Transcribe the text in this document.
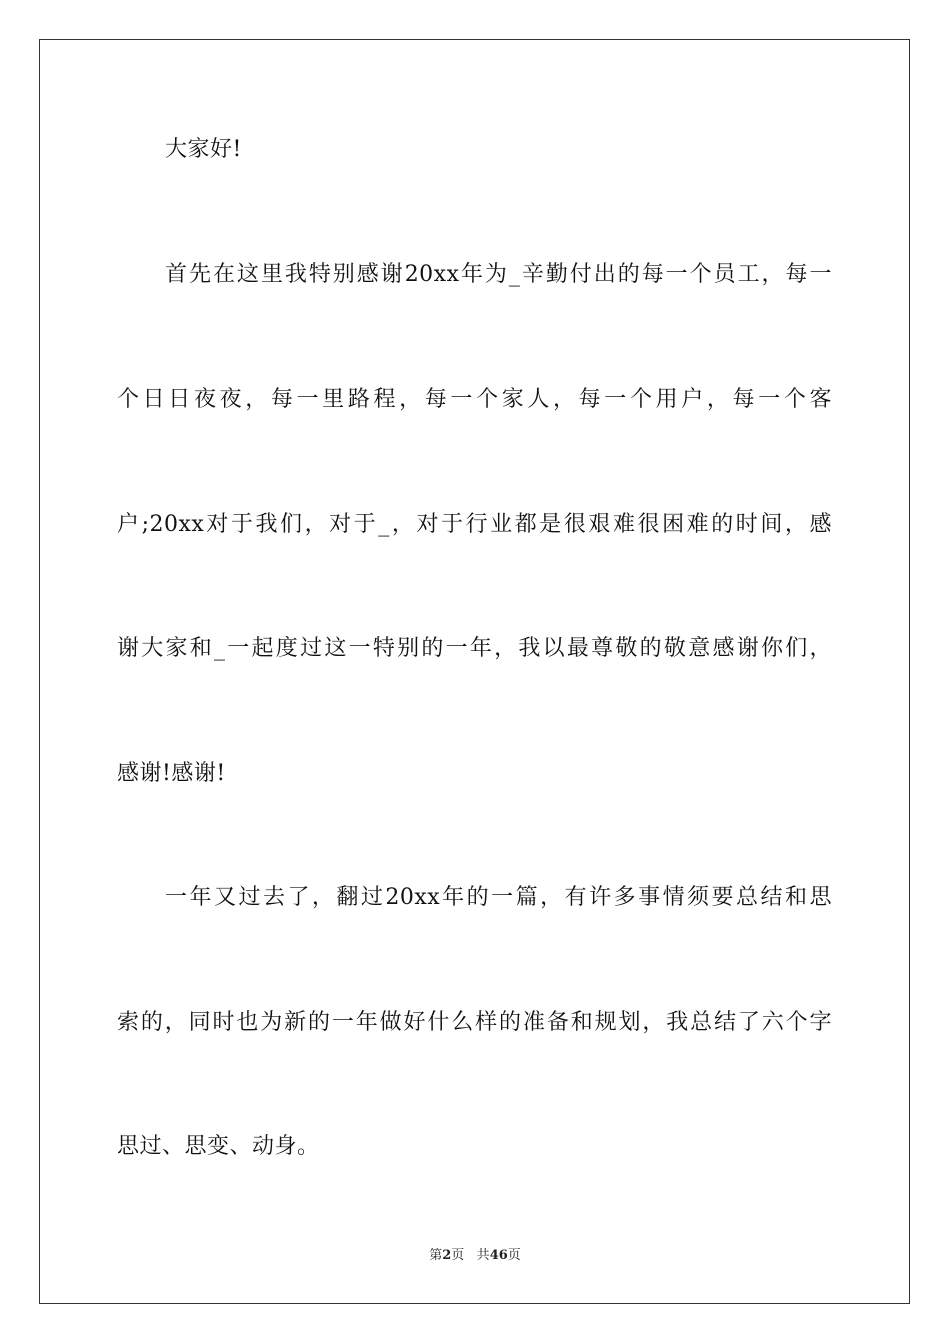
大家好!
首先在这里我特别感谢20xx年为_辛勤付出的每一个员工，每一
个日日夜夜，每一里路程，每一个家人，每一个用户，每一个客
户;20xx对于我们，对于_，对于行业都是很艰难很困难的时间，感
谢大家和_一起度过这一特别的一年，我以最尊敬的敬意感谢你们，
感谢!感谢!
一年又过去了，翻过20xx年的一篇，有许多事情须要总结和思
索的，同时也为新的一年做好什么样的准备和规划，我总结了六个字
思过、思变、动身。
第2页 共46页
